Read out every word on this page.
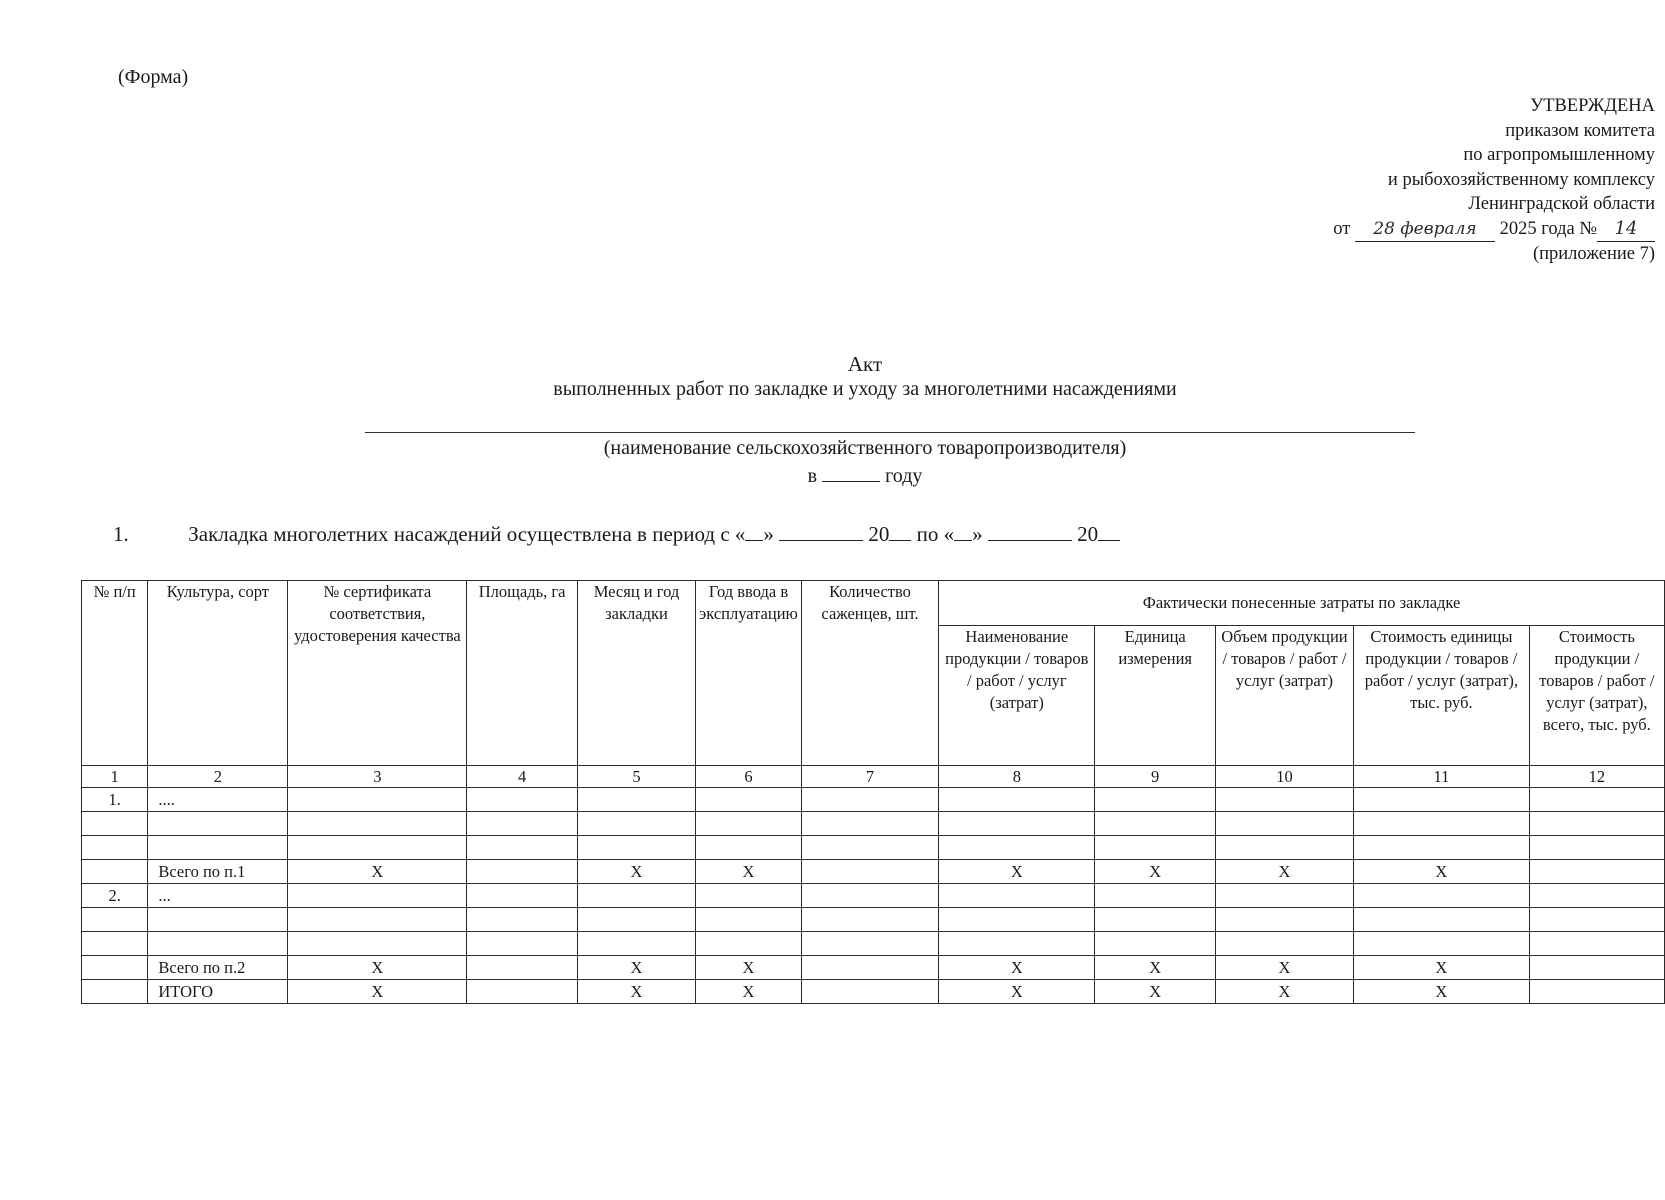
(Форма)
УТВЕРЖДЕНА
приказом комитета
по агропромышленному
и рыбохозяйственному комплексу
Ленинградской области
от 28 февраля 2025 года № 14
(приложение 7)
Акт
выполненных работ по закладке и уходу за многолетними насаждениями
(наименование сельскохозяйственного товаропроизводителя)
в	году
1.	Закладка многолетних насаждений осуществлена в период с « »	20 по « »	20
№ п/п	Культура, сорт	№ сертификата соответствия, удостоверения качества	Площадь, га	Месяц и год закладки	Год ввода в эксплуатацию	Количество саженцев, шт.	Фактически понесенные затраты по закладке				
							Наименование продукции / товаров / работ / услуг (затрат)	Единица измерения	Объем продукции / товаров / работ / услуг (затрат)	Стоимость единицы продукции / товаров / работ / услуг (затрат), тыс. руб.	Стоимость продукции / товаров / работ / услуг (затрат), всего, тыс. руб.
1	2	3	4	5	6	7	8	9	10	11	12
1.	....										

	Всего по п.1	Х		Х	Х		Х	Х	Х	Х	
2.	...										

	Всего по п.2	Х		Х	Х		Х	Х	Х	Х	
	ИТОГО	Х		Х	Х		Х	Х	Х	Х	
